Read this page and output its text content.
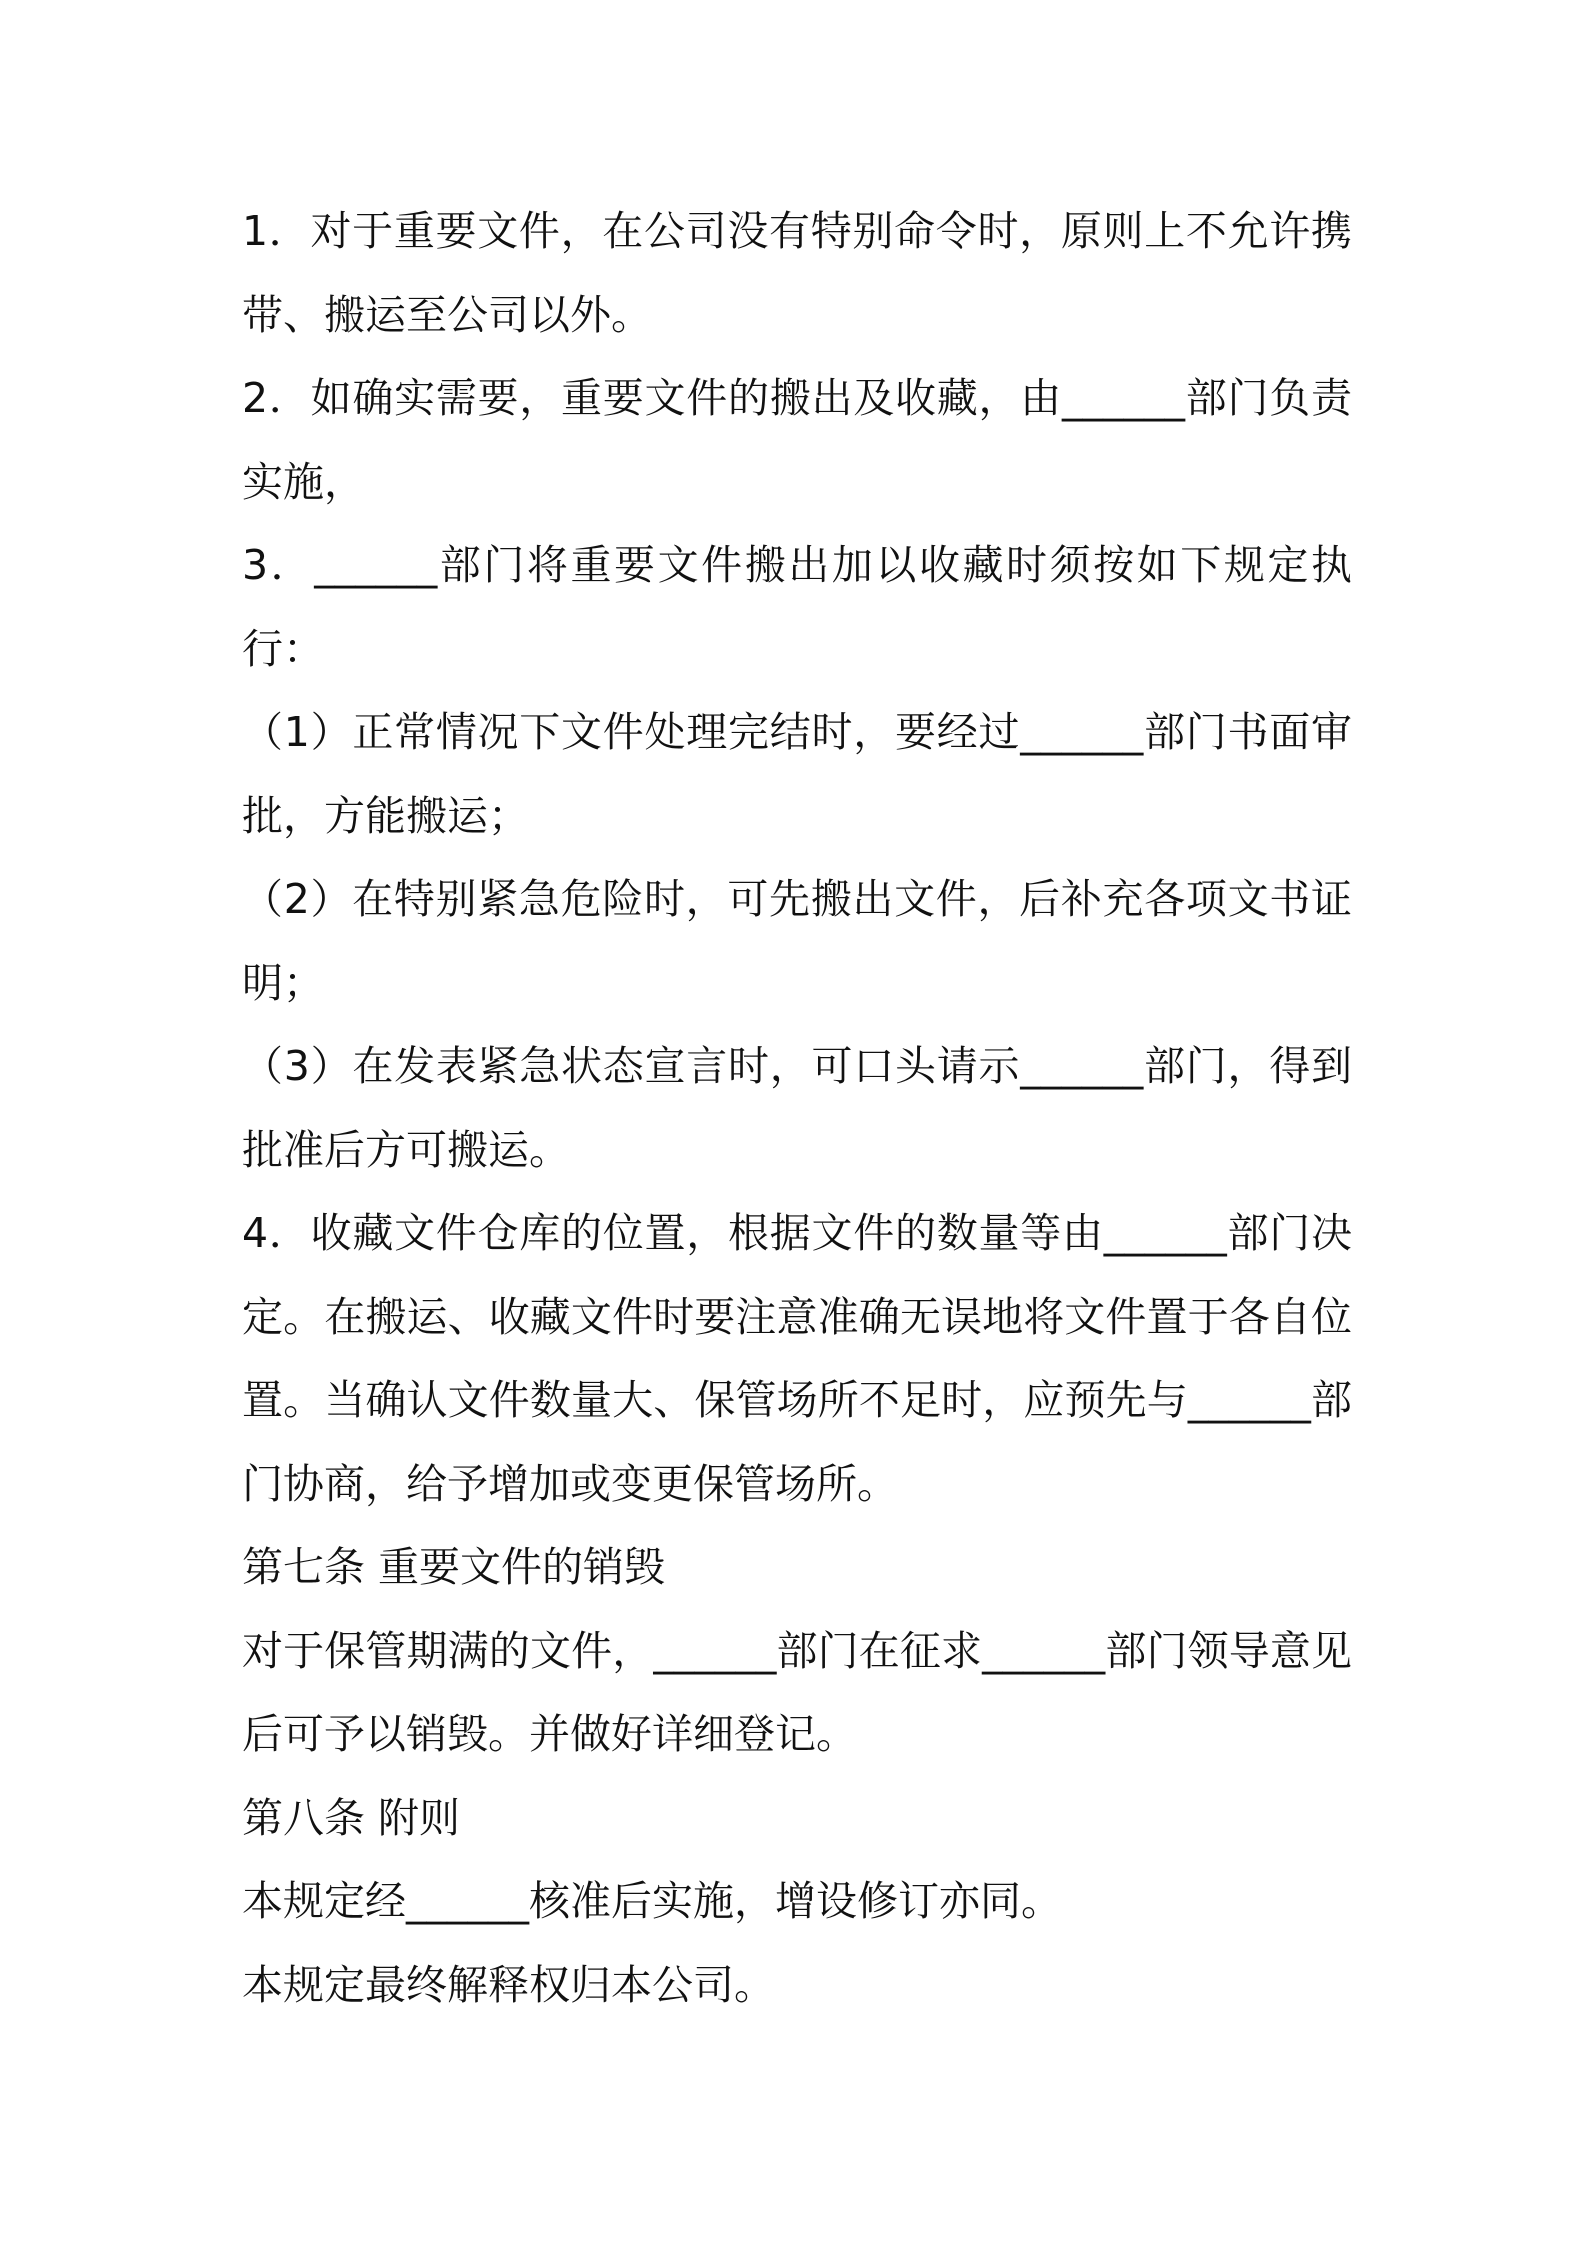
1．对于重要文件，在公司没有特别命令时，原则上不允许携带、搬运至公司以外。

2．如确实需要，重要文件的搬出及收藏，由______部门负责实施，

3．______部门将重要文件搬出加以收藏时须按如下规定执行：

（1）正常情况下文件处理完结时，要经过______部门书面审批，方能搬运；

（2）在特别紧急危险时，可先搬出文件，后补充各项文书证明；

（3）在发表紧急状态宣言时，可口头请示______部门，得到批准后方可搬运。

4．收藏文件仓库的位置，根据文件的数量等由______部门决定。在搬运、收藏文件时要注意准确无误地将文件置于各自位置。当确认文件数量大、保管场所不足时，应预先与______部门协商，给予增加或变更保管场所。

第七条 重要文件的销毁

对于保管期满的文件，______部门在征求______部门领导意见后可予以销毁。并做好详细登记。

第八条 附则

本规定经______核准后实施，增设修订亦同。

本规定最终解释权归本公司。
